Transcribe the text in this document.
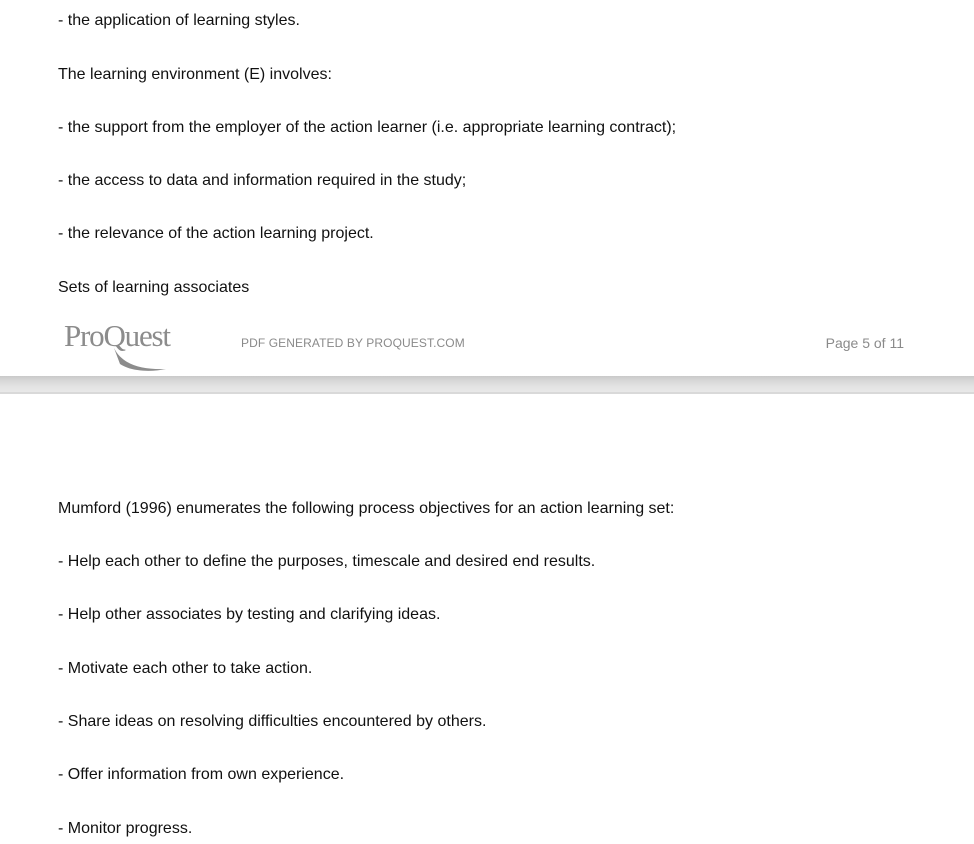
- the application of learning styles.

The learning environment (E) involves:

- the support from the employer of the action learner (i.e. appropriate learning contract);

- the access to data and information required in the study;

- the relevance of the action learning project.

Sets of learning associates

ProQuest	PDF GENERATED BY PROQUEST.COM	Page 5 of 11

Mumford (1996) enumerates the following process objectives for an action learning set:

- Help each other to define the purposes, timescale and desired end results.

- Help other associates by testing and clarifying ideas.

- Motivate each other to take action.

- Share ideas on resolving difficulties encountered by others.

- Offer information from own experience.

- Monitor progress.
